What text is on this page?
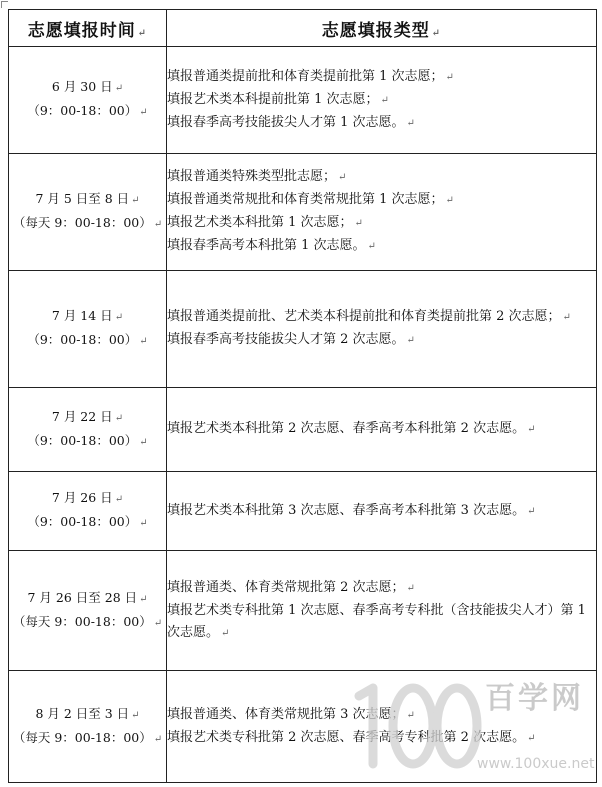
志愿填报时间 ↵	志愿填报类型 ↵

6 月 30 日 ↵
（9：00-18：00） ↵	填报普通类提前批和体育类提前批第 1 次志愿； ↵
填报艺术类本科提前批第 1 次志愿； ↵
填报春季高考技能拔尖人才第 1 次志愿。 ↵

7 月 5 日至 8 日 ↵
（每天 9：00-18：00） ↵	填报普通类特殊类型批志愿； ↵
填报普通类常规批和体育类常规批第 1 次志愿； ↵
填报艺术类本科批第 1 次志愿； ↵
填报春季高考本科批第 1 次志愿。 ↵

7 月 14 日 ↵
（9：00-18：00） ↵	填报普通类提前批、艺术类本科提前批和体育类提前批第 2 次志愿； ↵
填报春季高考技能拔尖人才第 2 次志愿。 ↵

7 月 22 日 ↵
（9：00-18：00） ↵	填报艺术类本科批第 2 次志愿、春季高考本科批第 2 次志愿。 ↵

7 月 26 日 ↵
（9：00-18：00） ↵	填报艺术类本科批第 3 次志愿、春季高考本科批第 3 次志愿。 ↵

7 月 26 日至 28 日 ↵
（每天 9：00-18：00） ↵	填报普通类、体育类常规批第 2 次志愿； ↵
填报艺术类专科批第 1 次志愿、春季高考专科批（含技能拔尖人才）第 1 次志愿。 ↵

8 月 2 日至 3 日 ↵
（每天 9：00-18：00） ↵	填报普通类、体育类常规批第 3 次志愿； ↵
填报艺术类专科批第 2 次志愿、春季高考专科批第 2 次志愿。 ↵
百学网
www.100xue.net
